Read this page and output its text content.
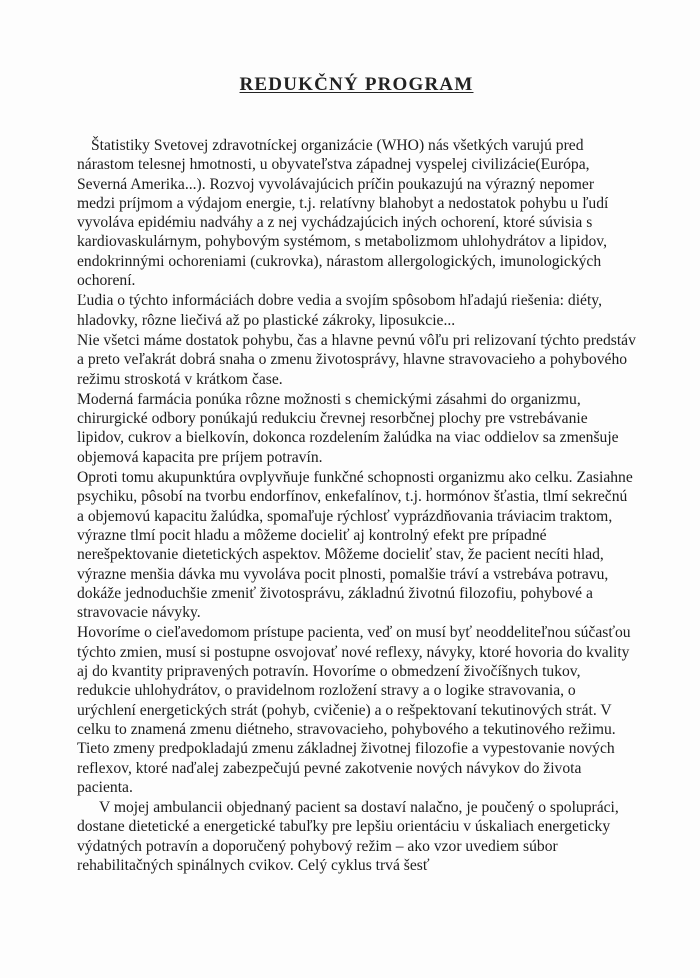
REDUKČNÝ PROGRAM

Štatistiky Svetovej zdravotníckej organizácie (WHO) nás všetkých varujú pred nárastom telesnej hmotnosti, u obyvateľstva západnej vyspelej civilizácie(Európa, Severná Amerika...). Rozvoj vyvolávajúcich príčin poukazujú na výrazný nepomer medzi príjmom a výdajom energie, t.j. relatívny blahobyt a nedostatok pohybu u ľudí vyvoláva epidémiu nadváhy a z nej vychádzajúcich iných ochorení, ktoré súvisia s kardiovaskulárnym, pohybovým systémom, s metabolizmom uhlohydrátov a lipidov, endokrinnými ochoreniami (cukrovka), nárastom allergologických, imunologických ochorení.

Ľudia o týchto informáciách dobre vedia a svojím spôsobom hľadajú riešenia: diéty, hladovky, rôzne liečivá až po plastické zákroky, liposukcie...

Nie všetci máme dostatok pohybu, čas a hlavne pevnú vôľu pri relizovaní týchto predstáv a preto veľakrát dobrá snaha o zmenu životosprávy, hlavne stravovacieho a pohybového režimu stroskotá v krátkom čase.

Moderná farmácia ponúka rôzne možnosti s chemickými zásahmi do organizmu, chirurgické odbory ponúkajú redukciu črevnej resorbčnej plochy pre vstrebávanie lipidov, cukrov a bielkovín, dokonca rozdelením žalúdka na viac oddielov sa zmenšuje objemová kapacita pre príjem potravín.

Oproti tomu akupunktúra ovplyvňuje funkčné schopnosti organizmu ako celku. Zasiahne psychiku, pôsobí na tvorbu endorfínov, enkefalínov, t.j. hormónov šťastia, tlmí sekrečnú a objemovú kapacitu žalúdka, spomaľuje rýchlosť vyprázdňovania tráviacim traktom, výrazne tlmí pocit hladu a môžeme docieliť aj kontrolný efekt pre prípadné nerešpektovanie dietetických aspektov. Môžeme docieliť stav, že pacient necíti hlad, výrazne menšia dávka mu vyvoláva pocit plnosti, pomalšie tráví a vstrebáva potravu, dokáže jednoduchšie zmeniť životosprávu, základnú životnú filozofiu, pohybové a stravovacie návyky.

Hovoríme o cieľavedomom prístupe pacienta, veď on musí byť neoddeliteľnou súčasťou týchto zmien, musí si postupne osvojovať nové reflexy, návyky, ktoré hovoria do kvality aj do kvantity pripravených potravín. Hovoríme o obmedzení živočíšnych tukov, redukcie uhlohydrátov, o pravidelnom rozložení stravy a o logike stravovania, o urýchlení energetických strát (pohyb, cvičenie) a o rešpektovaní tekutinových strát. V celku to znamená zmenu diétneho, stravovacieho, pohybového a tekutinového režimu. Tieto zmeny predpokladajú zmenu základnej životnej filozofie a vypestovanie nových reflexov, ktoré naďalej zabezpečujú pevné zakotvenie nových návykov do života pacienta.

V mojej ambulancii objednaný pacient sa dostaví nalačno, je poučený o spolupráci, dostane dietetické a energetické tabuľky pre lepšiu orientáciu v úskaliach energeticky výdatných potravín a doporučený pohybový režim – ako vzor uvediem súbor rehabilitačných spinálnych cvikov. Celý cyklus trvá šesť
